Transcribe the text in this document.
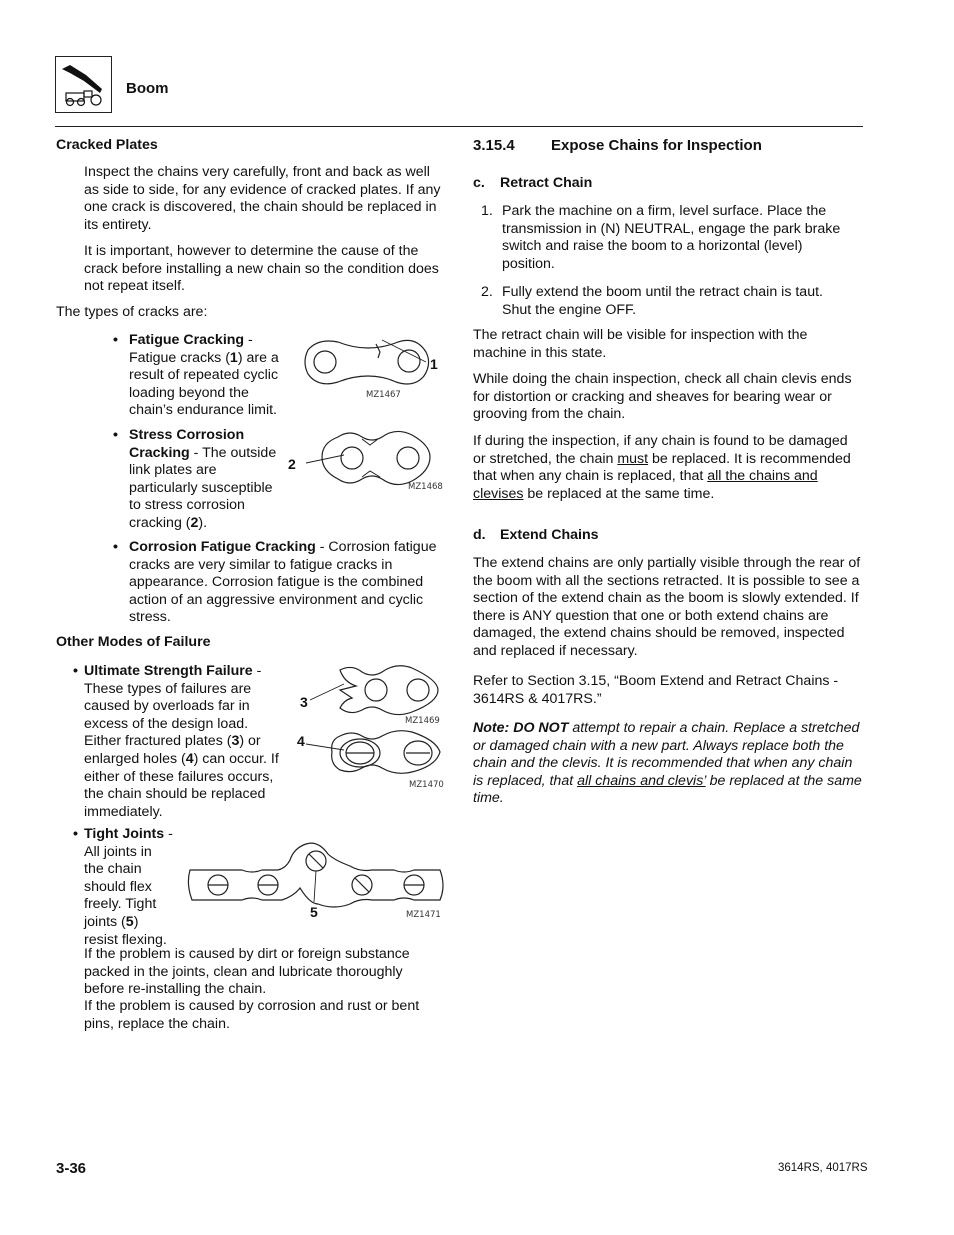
Boom
Cracked Plates

Inspect the chains very carefully, front and back as well as side to side, for any evidence of cracked plates. If any one crack is discovered, the chain should be replaced in its entirety.

It is important, however to determine the cause of the crack before installing a new chain so the condition does not repeat itself.

The types of cracks are:

• Fatigue Cracking -
Fatigue cracks (1) are a result of repeated cyclic loading beyond the chain’s endurance limit.

1
MZ1467
• Stress Corrosion Cracking - The outside link plates are particularly susceptible to stress corrosion cracking (2).

2
MZ1468
• Corrosion Fatigue Cracking - Corrosion fatigue cracks are very similar to fatigue cracks in appearance. Corrosion fatigue is the combined action of an aggressive environment and cyclic stress.

Other Modes of Failure
• Ultimate Strength Failure -
These types of failures are caused by overloads far in excess of the design load. Either fractured plates (3) or enlarged holes (4) can occur. If either of these failures occurs, the chain should be replaced immediately.

3
MZ1469
4
MZ1470
• Tight Joints -
All joints in the chain should flex freely. Tight joints (5) resist flexing.

5	MZ1471

If the problem is caused by dirt or foreign substance packed in the joints, clean and lubricate thoroughly before re-installing the chain.

If the problem is caused by corrosion and rust or bent pins, replace the chain.

3.15.4 Expose Chains for Inspection
c. Retract Chain
1. Park the machine on a firm, level surface. Place the transmission in (N) NEUTRAL, engage the park brake switch and raise the boom to a horizontal (level) position.

2. Fully extend the boom until the retract chain is taut. Shut the engine OFF.

The retract chain will be visible for inspection with the machine in this state.

While doing the chain inspection, check all chain clevis ends for distortion or cracking and sheaves for bearing wear or grooving from the chain.

If during the inspection, if any chain is found to be damaged or stretched, the chain must be replaced. It is recommended that when any chain is replaced, that all the chains and clevises be replaced at the same time.

d. Extend Chains

The extend chains are only partially visible through the rear of the boom with all the sections retracted. It is possible to see a section of the extend chain as the boom is slowly extended. If there is ANY question that one or both extend chains are damaged, the extend chains should be removed, inspected and replaced if necessary.

Refer to Section 3.15, “Boom Extend and Retract Chains - 3614RS & 4017RS.”

Note: DO NOT attempt to repair a chain. Replace a stretched or damaged chain with a new part. Always replace both the chain and the clevis. It is recommended that when any chain is replaced, that all chains and clevis’ be replaced at the same time.

3-36	3614RS, 4017RS
